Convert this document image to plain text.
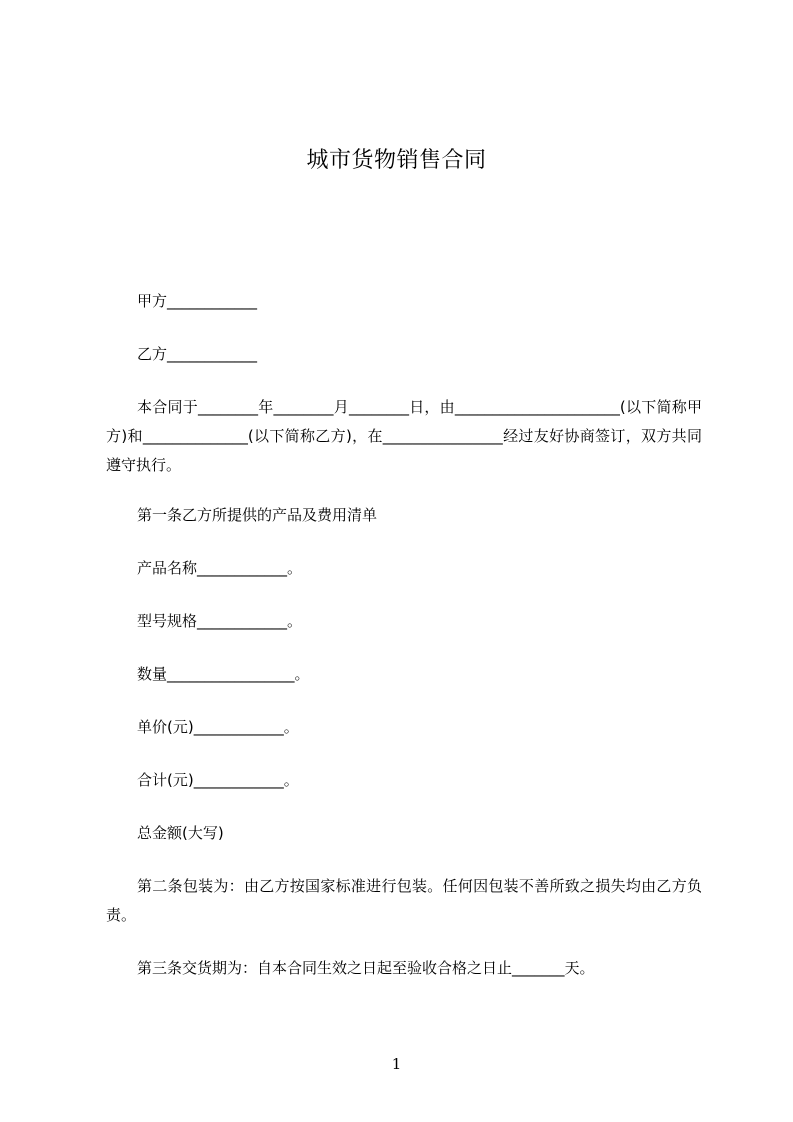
城市货物销售合同
甲方____________
乙方____________
本合同于________年________月________日，由______________________(以下简称甲方)和______________(以下简称乙方)，在________________经过友好协商签订，双方共同遵守执行。
第一条乙方所提供的产品及费用清单
产品名称____________。
型号规格____________。
数量_________________。
单价(元)____________。
合计(元)____________。
总金额(大写)
第二条包装为：由乙方按国家标准进行包装。任何因包装不善所致之损失均由乙方负责。
第三条交货期为：自本合同生效之日起至验收合格之日止_______天。
1
